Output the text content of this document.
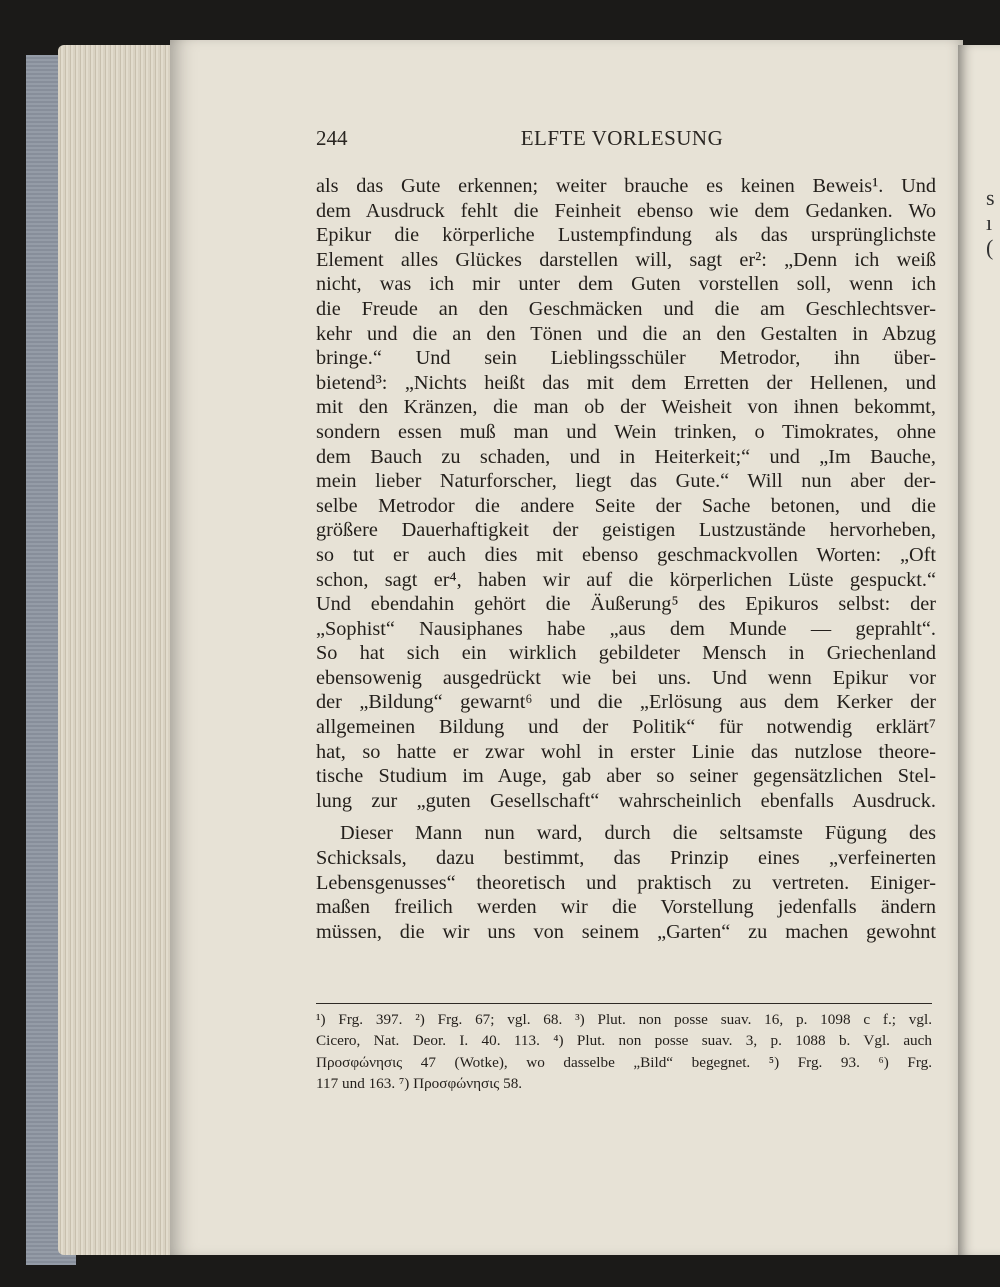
s
ı
(
244	ELFTE VORLESUNG
als das Gute erkennen; weiter brauche es keinen Beweis¹. Und
dem Ausdruck fehlt die Feinheit ebenso wie dem Gedanken. Wo
Epikur die körperliche Lustempfindung als das ursprünglichste
Element alles Glückes darstellen will, sagt er²: „Denn ich weiß
nicht, was ich mir unter dem Guten vorstellen soll, wenn ich
die Freude an den Geschmäcken und die am Geschlechtsver-
kehr und die an den Tönen und die an den Gestalten in Abzug
bringe.“ Und sein Lieblingsschüler Metrodor, ihn über-
bietend³: „Nichts heißt das mit dem Erretten der Hellenen, und
mit den Kränzen, die man ob der Weisheit von ihnen bekommt,
sondern essen muß man und Wein trinken, o Timokrates, ohne
dem Bauch zu schaden, und in Heiterkeit;“ und „Im Bauche,
mein lieber Naturforscher, liegt das Gute.“ Will nun aber der-
selbe Metrodor die andere Seite der Sache betonen, und die
größere Dauerhaftigkeit der geistigen Lustzustände hervorheben,
so tut er auch dies mit ebenso geschmackvollen Worten: „Oft
schon, sagt er⁴, haben wir auf die körperlichen Lüste gespuckt.“
Und ebendahin gehört die Äußerung⁵ des Epikuros selbst: der
„Sophist“ Nausiphanes habe „aus dem Munde — geprahlt“.
So hat sich ein wirklich gebildeter Mensch in Griechenland
ebensowenig ausgedrückt wie bei uns. Und wenn Epikur vor
der „Bildung“ gewarnt⁶ und die „Erlösung aus dem Kerker der
allgemeinen Bildung und der Politik“ für notwendig erklärt⁷
hat, so hatte er zwar wohl in erster Linie das nutzlose theore-
tische Studium im Auge, gab aber so seiner gegensätzlichen Stel-
lung zur „guten Gesellschaft“ wahrscheinlich ebenfalls Ausdruck.
Dieser Mann nun ward, durch die seltsamste Fügung des
Schicksals, dazu bestimmt, das Prinzip eines „verfeinerten
Lebensgenusses“ theoretisch und praktisch zu vertreten. Einiger-
maßen freilich werden wir die Vorstellung jedenfalls ändern
müssen, die wir uns von seinem „Garten“ zu machen gewohnt
¹) Frg. 397. ²) Frg. 67; vgl. 68. ³) Plut. non posse suav. 16, p. 1098 c f.; vgl.
Cicero, Nat. Deor. I. 40. 113. ⁴) Plut. non posse suav. 3, p. 1088 b. Vgl. auch
Προσφώνησις 47 (Wotke), wo dasselbe „Bild“ begegnet. ⁵) Frg. 93. ⁶) Frg.
117 und 163. ⁷) Προσφώνησις 58.
